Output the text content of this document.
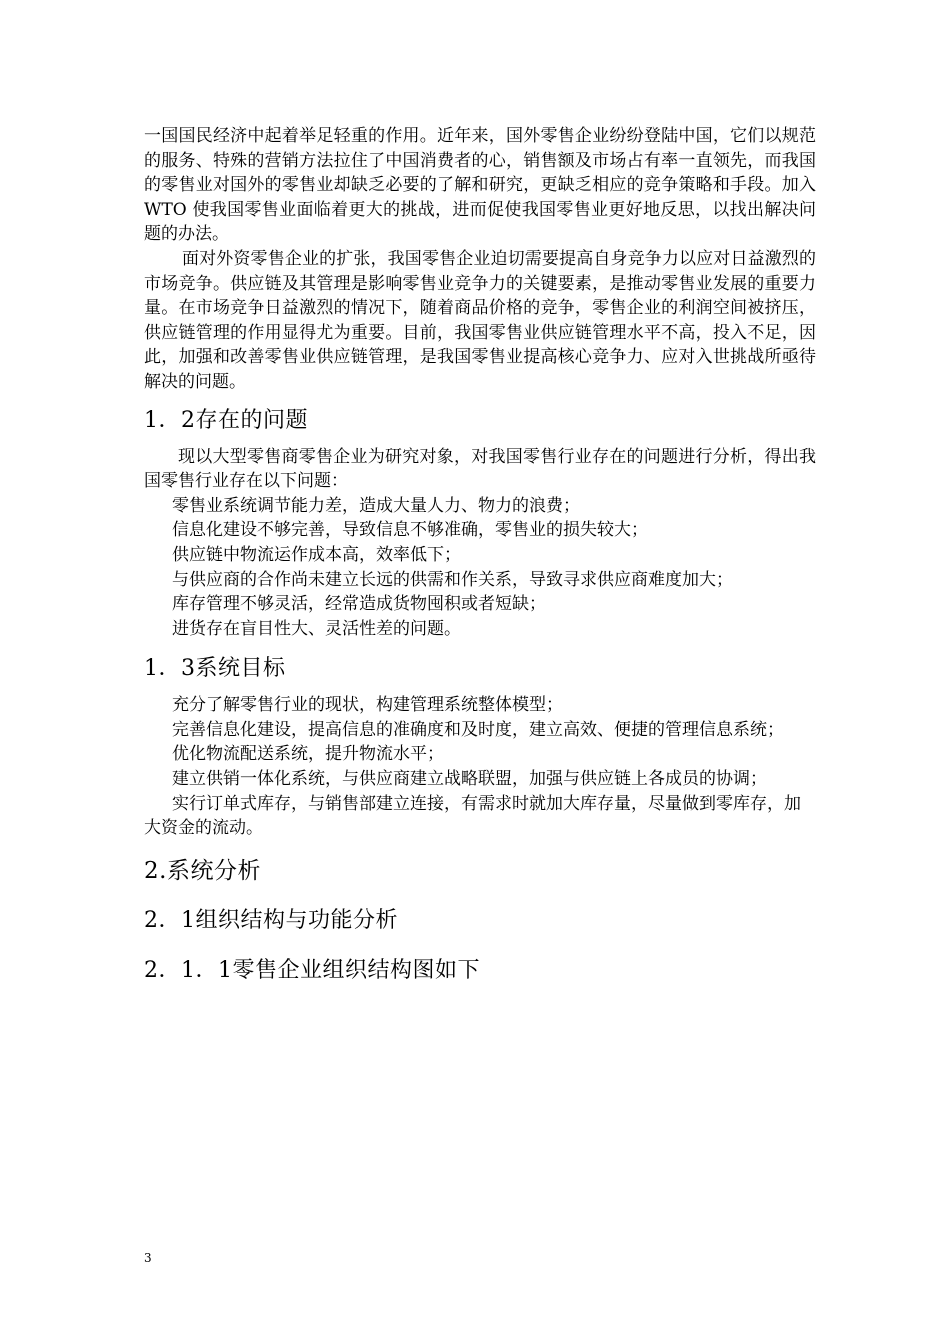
一国国民经济中起着举足轻重的作用。近年来，国外零售企业纷纷登陆中国，它们以规范的服务、特殊的营销方法拉住了中国消费者的心，销售额及市场占有率一直领先，而我国的零售业对国外的零售业却缺乏必要的了解和研究，更缺乏相应的竞争策略和手段。加入 WTO 使我国零售业面临着更大的挑战，进而促使我国零售业更好地反思，以找出解决问题的办法。

面对外资零售企业的扩张，我国零售企业迫切需要提高自身竞争力以应对日益激烈的市场竞争。供应链及其管理是影响零售业竞争力的关键要素，是推动零售业发展的重要力量。在市场竞争日益激烈的情况下，随着商品价格的竞争，零售企业的利润空间被挤压，供应链管理的作用显得尤为重要。目前，我国零售业供应链管理水平不高，投入不足，因此，加强和改善零售业供应链管理，是我国零售业提高核心竞争力、应对入世挑战所亟待解决的问题。

1．2存在的问题

现以大型零售商零售企业为研究对象，对我国零售行业存在的问题进行分析，得出我国零售行业存在以下问题：

零售业系统调节能力差，造成大量人力、物力的浪费；

信息化建设不够完善，导致信息不够准确，零售业的损失较大；

供应链中物流运作成本高，效率低下；

与供应商的合作尚未建立长远的供需和作关系，导致寻求供应商难度加大；

库存管理不够灵活，经常造成货物囤积或者短缺；

进货存在盲目性大、灵活性差的问题。

1．3系统目标

充分了解零售行业的现状，构建管理系统整体模型；

完善信息化建设，提高信息的准确度和及时度，建立高效、便捷的管理信息系统；

优化物流配送系统，提升物流水平；

建立供销一体化系统，与供应商建立战略联盟，加强与供应链上各成员的协调；

实行订单式库存，与销售部建立连接，有需求时就加大库存量，尽量做到零库存，加大资金的流动。

2.系统分析
2．1组织结构与功能分析
2．1．1零售企业组织结构图如下
3
